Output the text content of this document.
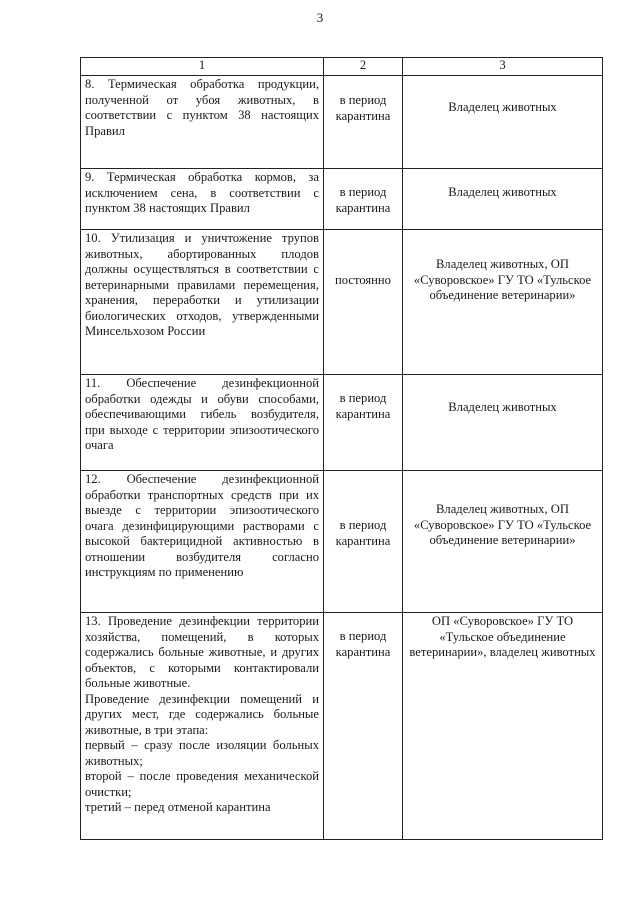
3
1	2	3

8. Термическая обработка продукции, полученной от убоя животных, в соответствии с пунктом 38 настоящих Правил	в период карантина	Владелец животных

9. Термическая обработка кормов, за исключением сена, в соответствии с пунктом 38 настоящих Правил	в период карантина	Владелец животных

10. Утилизация и уничтожение трупов животных, абортированных плодов должны осуществляться в соответствии с ветеринарными правилами перемещения, хранения, переработки и утилизации биологических отходов, утвержденными Минсельхозом России	постоянно	Владелец животных, ОП «Суворовское» ГУ ТО «Тульское объединение ветеринарии»

11. Обеспечение дезинфекционной обработки одежды и обуви способами, обеспечивающими гибель возбудителя, при выходе с территории эпизоотического очага	в период карантина	Владелец животных

12. Обеспечение дезинфекционной обработки транспортных средств при их выезде с территории эпизоотического очага дезинфицирующими растворами с высокой бактерицидной активностью в отношении возбудителя согласно инструкциям по применению	в период карантина	Владелец животных, ОП «Суворовское» ГУ ТО «Тульское объединение ветеринарии»

13. Проведение дезинфекции территории хозяйства, помещений, в которых содержались больные животные, и других объектов, с которыми контактировали больные животные.

Проведение дезинфекции помещений и других мест, где содержались больные животные, в три этапа:

первый – сразу после изоляции больных животных;

второй – после проведения механической очистки;

третий – перед отменой карантина	в период карантина	ОП «Суворовское» ГУ ТО «Тульское объединение ветеринарии», владелец животных
